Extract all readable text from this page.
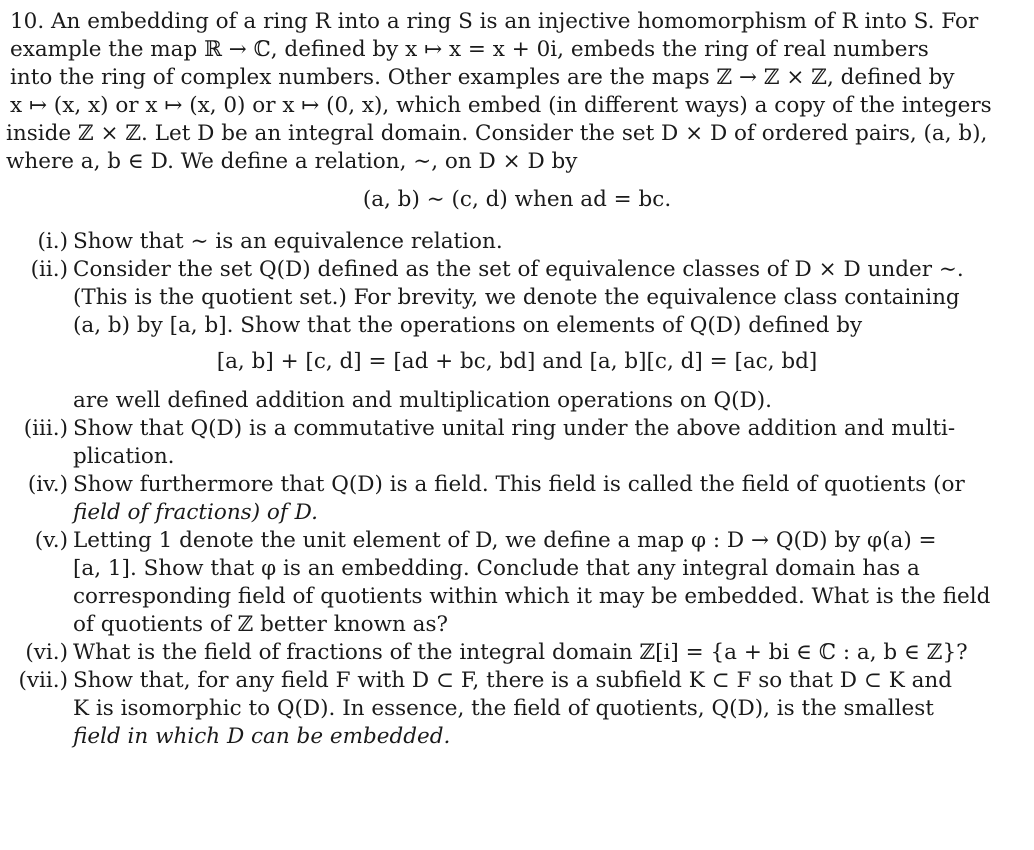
10. An embedding of a ring R into a ring S is an injective homomorphism of R into S. For
example the map ℝ → ℂ, defined by x ↦ x = x + 0i, embeds the ring of real numbers
into the ring of complex numbers. Other examples are the maps ℤ → ℤ × ℤ, defined by
x ↦ (x, x) or x ↦ (x, 0) or x ↦ (0, x), which embed (in different ways) a copy of the integers
inside ℤ × ℤ. Let D be an integral domain. Consider the set D × D of ordered pairs, (a, b),
where a, b ∈ D. We define a relation, ∼, on D × D by
(a, b) ∼ (c, d) when ad = bc.
(i.) Show that ∼ is an equivalence relation.
(ii.) Consider the set Q(D) defined as the set of equivalence classes of D × D under ∼.
(This is the quotient set.) For brevity, we denote the equivalence class containing
(a, b) by [a, b]. Show that the operations on elements of Q(D) defined by
[a, b] + [c, d] = [ad + bc, bd] and [a, b][c, d] = [ac, bd]
are well defined addition and multiplication operations on Q(D).
(iii.) Show that Q(D) is a commutative unital ring under the above addition and multi-
plication.
(iv.) Show furthermore that Q(D) is a field. This field is called the field of quotients (or
field of fractions) of D.
(v.) Letting 1 denote the unit element of D, we define a map φ : D → Q(D) by φ(a) =
[a, 1]. Show that φ is an embedding. Conclude that any integral domain has a
corresponding field of quotients within which it may be embedded. What is the field
of quotients of ℤ better known as?
(vi.) What is the field of fractions of the integral domain ℤ[i] = {a + bi ∈ ℂ : a, b ∈ ℤ}?
(vii.) Show that, for any field F with D ⊂ F, there is a subfield K ⊂ F so that D ⊂ K and
K is isomorphic to Q(D). In essence, the field of quotients, Q(D), is the smallest
field in which D can be embedded.
